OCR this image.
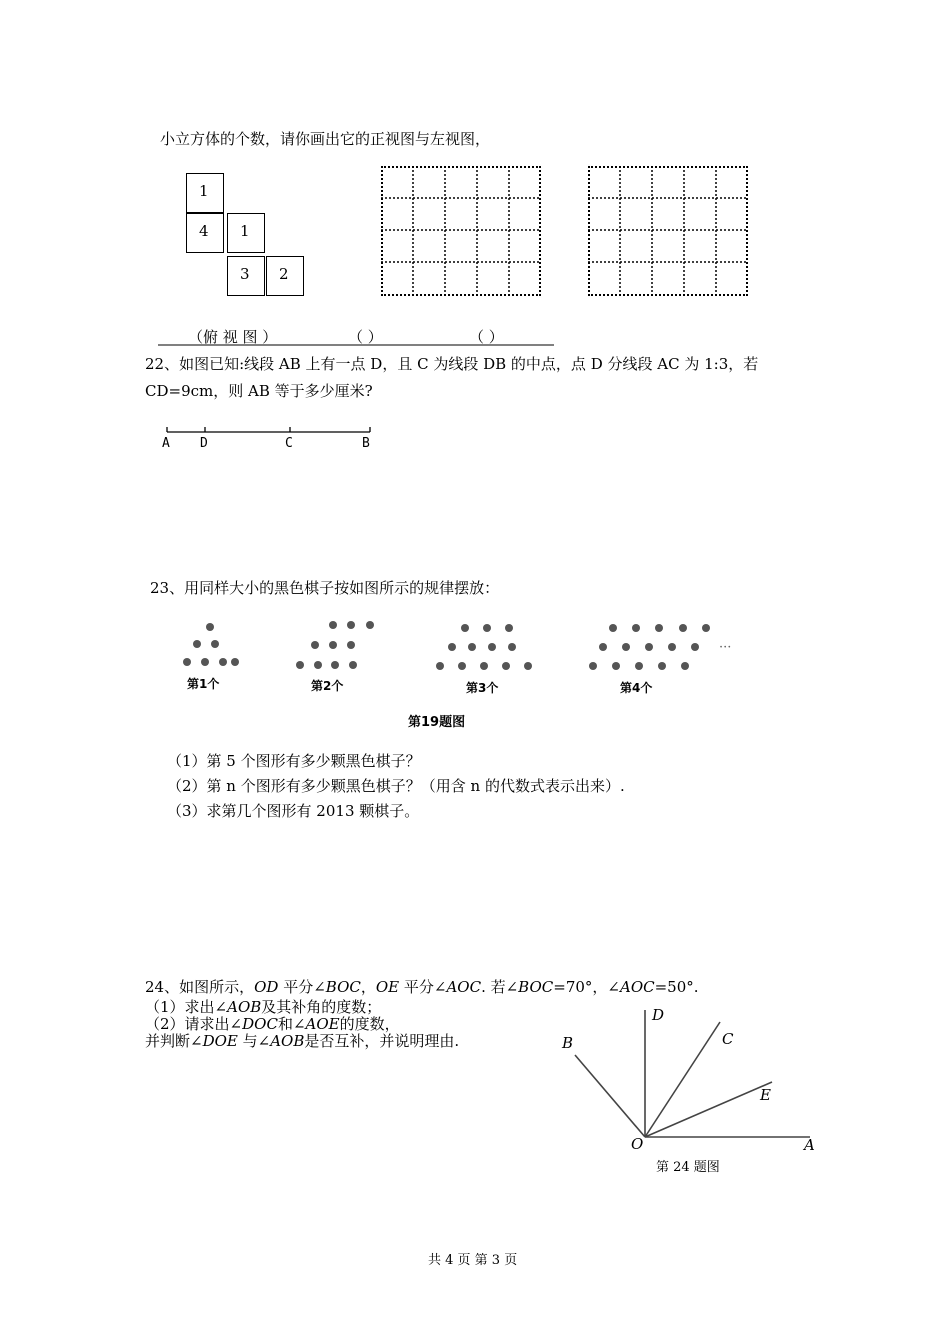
小立方体的个数，请你画出它的正视图与左视图，
1
4	1
3	2
（俯 视 图 ）	（ ）	（ ）
22、如图已知:线段 AB 上有一点 D，且 C 为线段 DB 的中点，点 D 分线段 AC 为 1:3，若
CD=9cm，则 AB 等于多少厘米?
A D	C	B
23、用同样大小的黑色棋子按如图所示的规律摆放：
···
第1个	第2个	第3个	第4个
第19题图
（1）第 5 个图形有多少颗黑色棋子？
（2）第 n 个图形有多少颗黑色棋子？（用含 n 的代数式表示出来）.
（3）求第几个图形有 2013 颗棋子。
24、如图所示，OD 平分∠BOC，OE 平分∠AOC. 若∠BOC=70°，∠AOC=50°.
（1）求出∠AOB及其补角的度数；
（2）请求出∠DOC和∠AOE的度数，
并判断∠DOE 与∠AOB是否互补，并说明理由.
D
C
B
E
O	A
第 24 题图
共 4 页 第 3 页
